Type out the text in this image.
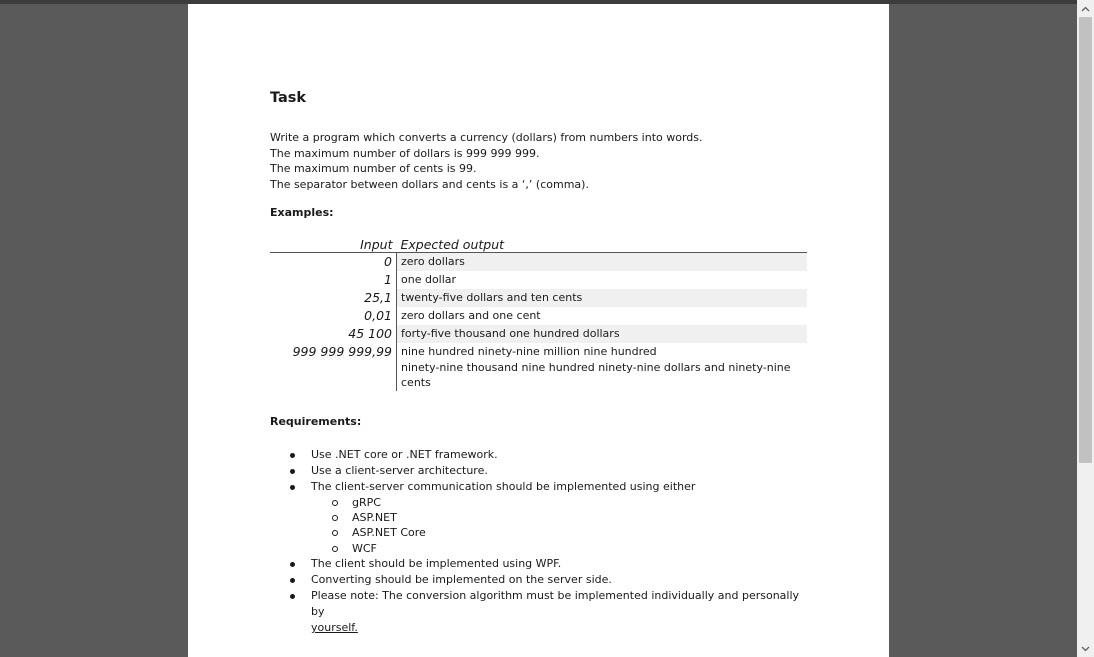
Task
Write a program which converts a currency (dollars) from numbers into words.
The maximum number of dollars is 999 999 999.
The maximum number of cents is 99.
The separator between dollars and cents is a ‘,’ (comma).
Examples:
Input	Expected output
0	zero dollars
1	one dollar
25,1	twenty-five dollars and ten cents
0,01	zero dollars and one cent
45 100	forty-five thousand one hundred dollars
999 999 999,99	nine hundred ninety-nine million nine hundred
ninety-nine thousand nine hundred ninety-nine dollars and ninety-nine cents
Requirements:
Use .NET core or .NET framework.
Use a client-server architecture.
The client-server communication should be implemented using either
gRPC
ASP.NET
ASP.NET Core
WCF
The client should be implemented using WPF.
Converting should be implemented on the server side.
Please note: The conversion algorithm must be implemented individually and personally by
yourself.
